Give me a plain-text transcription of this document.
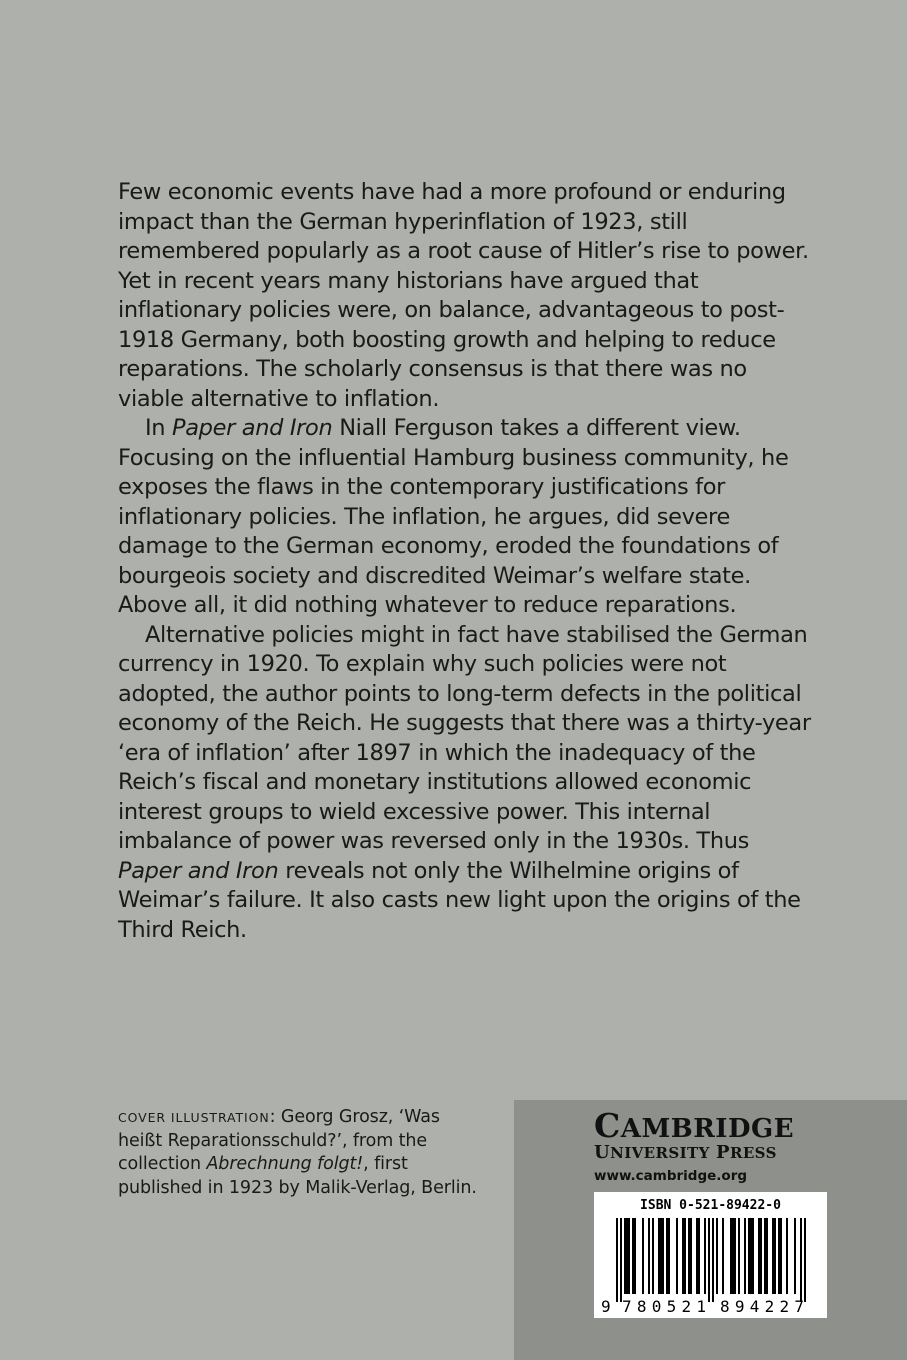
Few economic events have had a more profound or enduring impact than the German hyperinflation of 1923, still remembered popularly as a root cause of Hitler’s rise to power. Yet in recent years many historians have argued that inflationary policies were, on balance, advantageous to post-1918 Germany, both boosting growth and helping to reduce reparations. The scholarly consensus is that there was no viable alternative to inflation.

In Paper and Iron Niall Ferguson takes a different view. Focusing on the influential Hamburg business community, he exposes the flaws in the contemporary justifications for inflationary policies. The inflation, he argues, did severe damage to the German economy, eroded the foundations of bourgeois society and discredited Weimar’s welfare state. Above all, it did nothing whatever to reduce reparations.

Alternative policies might in fact have stabilised the German currency in 1920. To explain why such policies were not adopted, the author points to long-term defects in the political economy of the Reich. He suggests that there was a thirty-year ‘era of inflation’ after 1897 in which the inadequacy of the Reich’s fiscal and monetary institutions allowed economic interest groups to wield excessive power. This internal imbalance of power was reversed only in the 1930s. Thus Paper and Iron reveals not only the Wilhelmine origins of Weimar’s failure. It also casts new light upon the origins of the Third Reich.

COVER ILLUSTRATION: Georg Grosz, ‘Was heißt Reparationsschuld?’, from the collection Abrechnung folgt!, first published in 1923 by Malik-Verlag, Berlin.
CAMBRIDGE
UNIVERSITY PRESS
www.cambridge.org
ISBN 0-521-89422-0
9 780521 894227
